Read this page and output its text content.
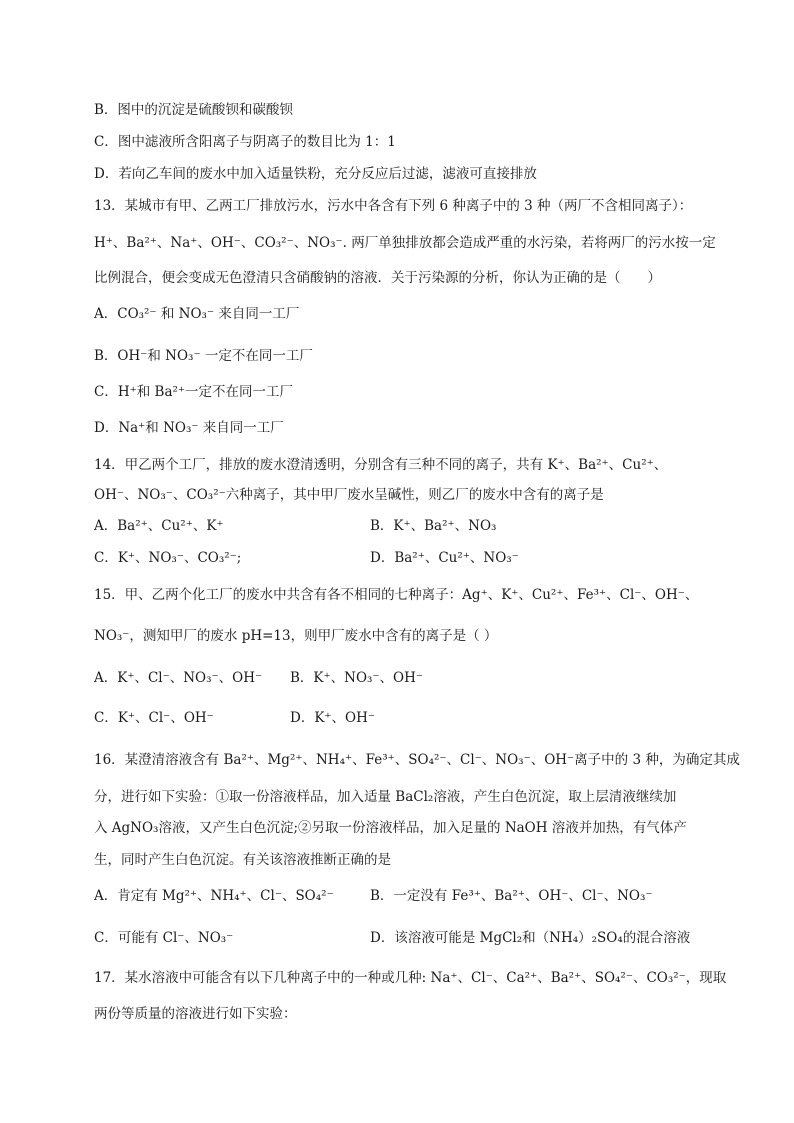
B．图中的沉淀是硫酸钡和碳酸钡
C．图中滤液所含阳离子与阴离子的数目比为 1：1
D．若向乙车间的废水中加入适量铁粉，充分反应后过滤，滤液可直接排放
13．某城市有甲、乙两工厂排放污水，污水中各含有下列 6 种离子中的 3 种（两厂不含相同离子）：
H⁺、Ba²⁺、Na⁺、OH⁻、CO₃²⁻、NO₃⁻. 两厂单独排放都会造成严重的水污染，若将两厂的污水按一定
比例混合，便会变成无色澄清只含硝酸钠的溶液．关于污染源的分析，你认为正确的是（　　）
A．CO₃²⁻ 和 NO₃⁻ 来自同一工厂
B．OH⁻和 NO₃⁻ 一定不在同一工厂
C．H⁺和 Ba²⁺一定不在同一工厂
D．Na⁺和 NO₃⁻ 来自同一工厂
14．甲乙两个工厂，排放的废水澄清透明，分别含有三种不同的离子，共有 K⁺、Ba²⁺、Cu²⁺、
OH⁻、NO₃⁻、CO₃²⁻六种离子，其中甲厂废水呈碱性，则乙厂的废水中含有的离子是
A．Ba²⁺、Cu²⁺、K⁺	B．K⁺、Ba²⁺、NO₃
C．K⁺、NO₃⁻、CO₃²⁻;	D．Ba²⁺、Cu²⁺、NO₃⁻
15．甲、乙两个化工厂的废水中共含有各不相同的七种离子：Ag⁺、K⁺、Cu²⁺、Fe³⁺、Cl⁻、OH⁻、
NO₃⁻，测知甲厂的废水 pH=13，则甲厂废水中含有的离子是（ ）
A．K⁺、Cl⁻、NO₃⁻、OH⁻ B．K⁺、NO₃⁻、OH⁻
C．K⁺、Cl⁻、OH⁻	D．K⁺、OH⁻
16．某澄清溶液含有 Ba²⁺、Mg²⁺、NH₄⁺、Fe³⁺、SO₄²⁻、Cl⁻、NO₃⁻、OH⁻离子中的 3 种，为确定其成
分，进行如下实验：①取一份溶液样品，加入适量 BaCl₂溶液，产生白色沉淀，取上层清液继续加
入 AgNO₃溶液，又产生白色沉淀;②另取一份溶液样品，加入足量的 NaOH 溶液并加热，有气体产
生，同时产生白色沉淀。有关该溶液推断正确的是
A．肯定有 Mg²⁺、NH₄⁺、Cl⁻、SO₄²⁻	B．一定没有 Fe³⁺、Ba²⁺、OH⁻、Cl⁻、NO₃⁻
C．可能有 Cl⁻、NO₃⁻	D．该溶液可能是 MgCl₂和（NH₄）₂SO₄的混合溶液
17．某水溶液中可能含有以下几种离子中的一种或几种: Na⁺、Cl⁻、Ca²⁺、Ba²⁺、SO₄²⁻、CO₃²⁻，现取
两份等质量的溶液进行如下实验：
